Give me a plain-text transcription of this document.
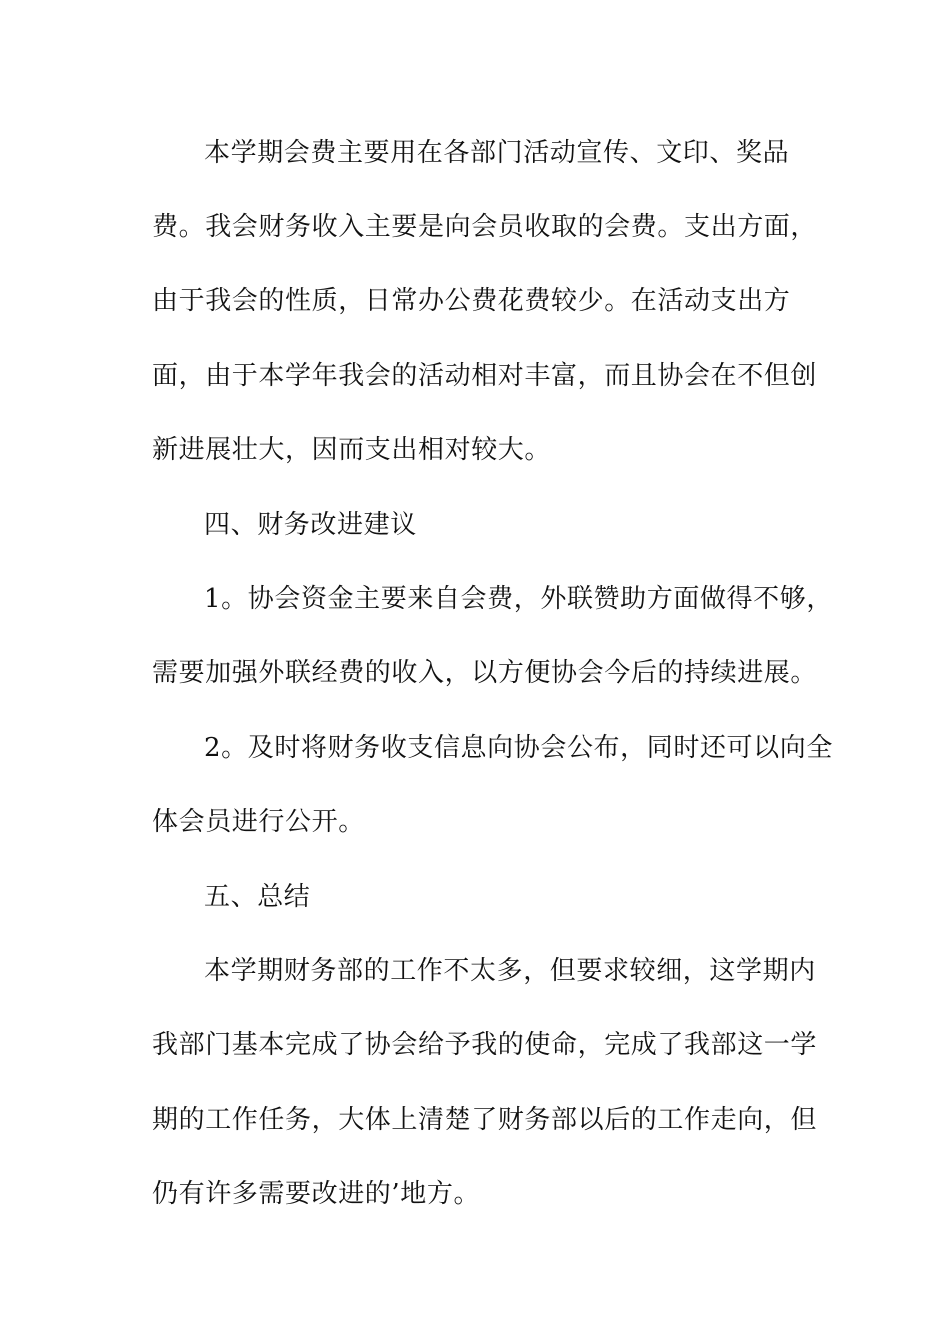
本学期会费主要用在各部门活动宣传、文印、奖品
费。我会财务收入主要是向会员收取的会费。支出方面，
由于我会的性质，日常办公费花费较少。在活动支出方
面，由于本学年我会的活动相对丰富，而且协会在不但创
新进展壮大，因而支出相对较大。
四、财务改进建议
1。协会资金主要来自会费，外联赞助方面做得不够，
需要加强外联经费的收入，以方便协会今后的持续进展。
2。及时将财务收支信息向协会公布，同时还可以向全
体会员进行公开。
五、总结
本学期财务部的工作不太多，但要求较细，这学期内
我部门基本完成了协会给予我的使命，完成了我部这一学
期的工作任务，大体上清楚了财务部以后的工作走向，但
仍有许多需要改进的’地方。
